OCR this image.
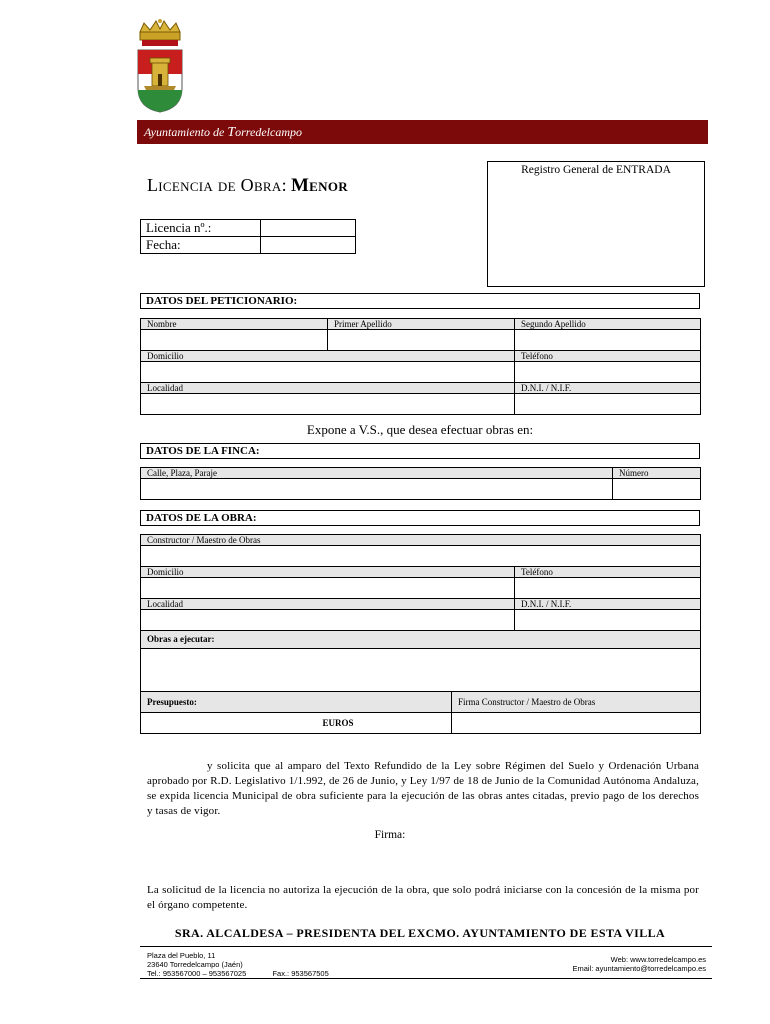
Ayuntamiento de Torredelcampo
Licencia de Obra: Menor
Registro General de ENTRADA
Licencia nº.:	
Fecha:	
DATOS DEL PETICIONARIO:
Nombre	Primer Apellido	Segundo Apellido

Domicilio		Teléfono

Localidad		D.N.I. / N.I.F.

Expone a V.S., que desea efectuar obras en:
DATOS DE LA FINCA:
Calle, Plaza, Paraje	Número

DATOS DE LA OBRA:
Constructor / Maestro de Obras		

Domicilio		Teléfono

Localidad		D.N.I. / N.I.F.

Obras a ejecutar:		

Presupuesto:	Firma Constructor / Maestro de Obras	
EUROS		
y solicita que al amparo del Texto Refundido de la Ley sobre Régimen del Suelo y Ordenación Urbana aprobado por R.D. Legislativo 1/1.992, de 26 de Junio, y Ley 1/97 de 18 de Junio de la Comunidad Autónoma Andaluza, se expida licencia Municipal de obra suficiente para la ejecución de las obras antes citadas, previo pago de los derechos y tasas de vigor.
Firma:
La solicitud de la licencia no autoriza la ejecución de la obra, que solo podrá iniciarse con la concesión de la misma por el órgano competente.
SRA. ALCALDESA – PRESIDENTA DEL EXCMO. AYUNTAMIENTO DE ESTA VILLA
Plaza del Pueblo, 11
23640 Torredelcampo (Jaén)
Tel.: 953567000 – 953567025	Fax.: 953567505
Web: www.torredelcampo.es
Email: ayuntamiento@torredelcampo.es
